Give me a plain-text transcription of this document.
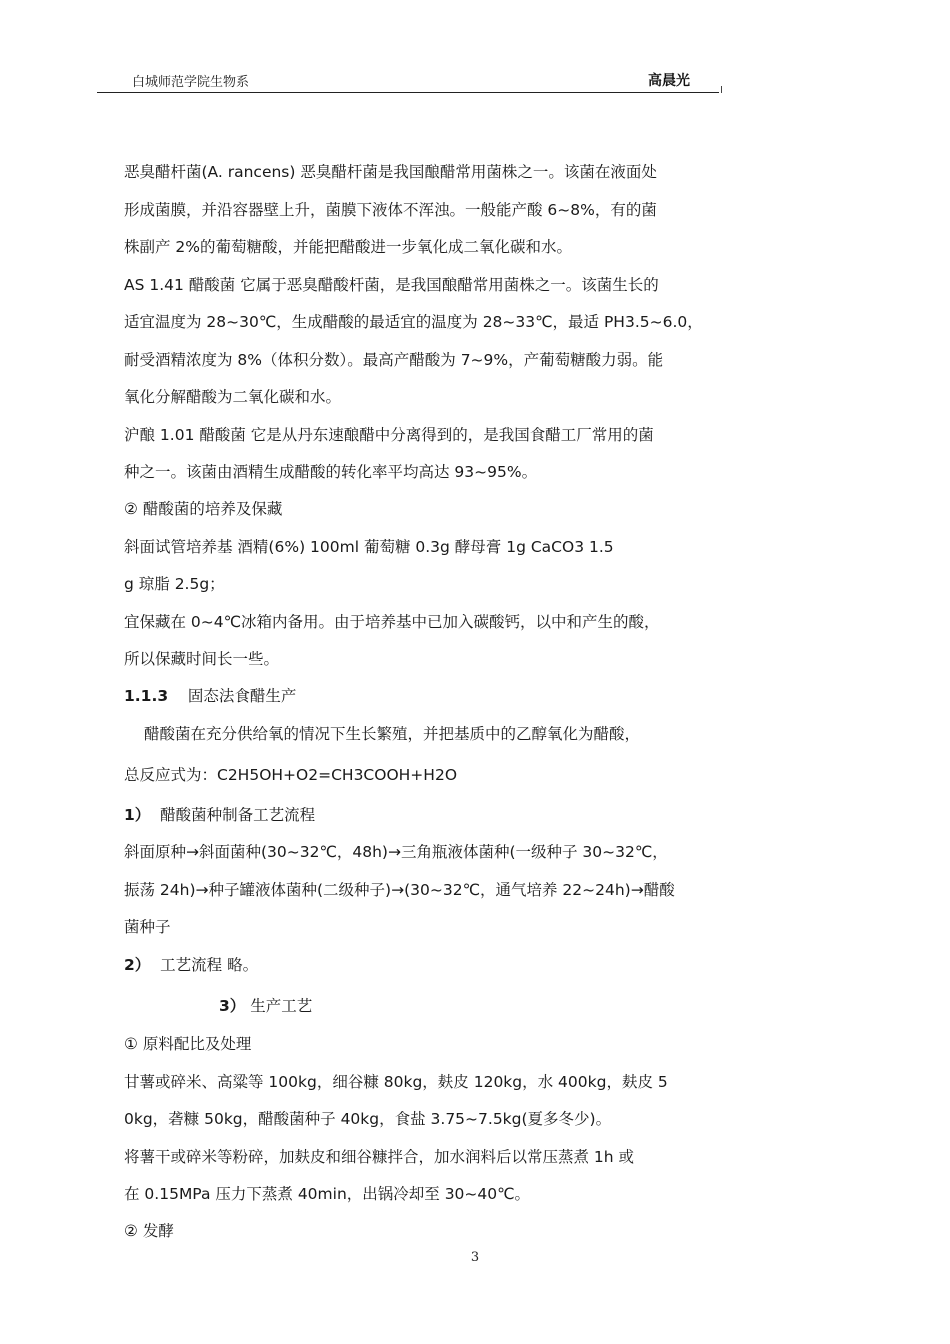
白城师范学院生物系	高晨光
恶臭醋杆菌(A. rancens) 恶臭醋杆菌是我国酿醋常用菌株之一。该菌在液面处
形成菌膜，并沿容器壁上升，菌膜下液体不浑浊。一般能产酸 6~8%，有的菌
株副产 2%的葡萄糖酸，并能把醋酸进一步氧化成二氧化碳和水。
AS 1.41 醋酸菌 它属于恶臭醋酸杆菌，是我国酿醋常用菌株之一。该菌生长的
适宜温度为 28~30℃，生成醋酸的最适宜的温度为 28~33℃，最适 PH3.5~6.0，
耐受酒精浓度为 8%（体积分数）。最高产醋酸为 7~9%，产葡萄糖酸力弱。能
氧化分解醋酸为二氧化碳和水。
沪酿 1.01 醋酸菌 它是从丹东速酿醋中分离得到的，是我国食醋工厂常用的菌
种之一。该菌由酒精生成醋酸的转化率平均高达 93~95%。
② 醋酸菌的培养及保藏
斜面试管培养基 酒精(6%) 100ml 葡萄糖 0.3g 酵母膏 1g CaCO3 1.5
g 琼脂 2.5g；
宜保藏在 0~4℃冰箱内备用。由于培养基中已加入碳酸钙，以中和产生的酸，
所以保藏时间长一些。
1.1.3 固态法食醋生产
醋酸菌在充分供给氧的情况下生长繁殖，并把基质中的乙醇氧化为醋酸，
总反应式为：C2H5OH+O2=CH3COOH+H2O
1） 醋酸菌种制备工艺流程
斜面原种→斜面菌种(30~32℃，48h)→三角瓶液体菌种(一级种子 30~32℃，
振荡 24h)→种子罐液体菌种(二级种子)→(30~32℃，通气培养 22~24h)→醋酸
菌种子
2） 工艺流程 略。
3） 生产工艺
① 原料配比及处理
甘薯或碎米、高粱等 100kg，细谷糠 80kg，麸皮 120kg，水 400kg，麸皮 5
0kg，砻糠 50kg，醋酸菌种子 40kg，食盐 3.75~7.5kg(夏多冬少)。
将薯干或碎米等粉碎，加麸皮和细谷糠拌合，加水润料后以常压蒸煮 1h 或
在 0.15MPa 压力下蒸煮 40min，出锅冷却至 30~40℃。
② 发酵
3
